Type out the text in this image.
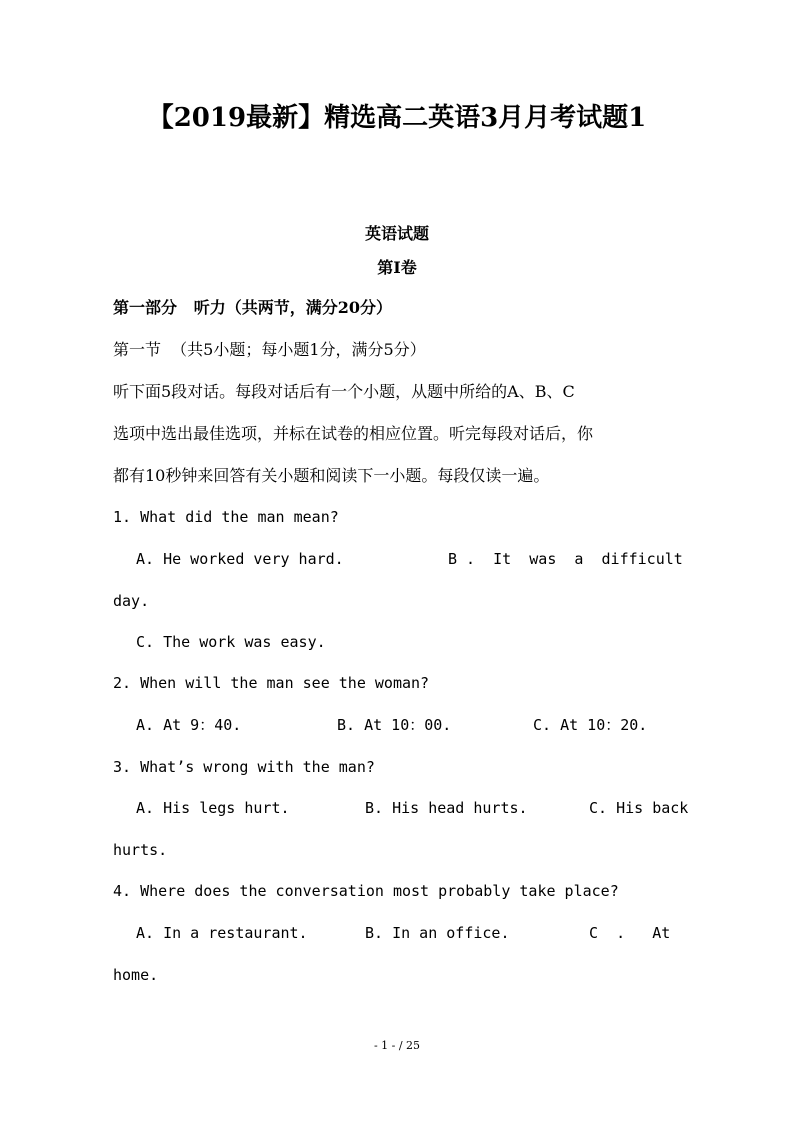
【2019最新】精选高二英语3月月考试题1
英语试题
第Ⅰ卷
第一部分   听力（共两节，满分20分）
第一节  （共5小题；每小题1分，满分5分）
听下面5段对话。每段对话后有一个小题，从题中所给的A、B、C
选项中选出最佳选项，并标在试卷的相应位置。听完每段对话后，你
都有10秒钟来回答有关小题和阅读下一小题。每段仅读一遍。
1. What did the man mean?
A. He worked very hard.	B .  It  was  a  difficult
day.
C. The work was easy.
2. When will the man see the woman?
A. At 9：40.	B. At 10：00.	C. At 10：20.
3. What’s wrong with the man?
A. His legs hurt.	B. His head hurts.	C. His back
hurts.
4. Where does the conversation most probably take place?
A. In a restaurant.	B. In an office.	C  .   At
home.
- 1 - / 25
